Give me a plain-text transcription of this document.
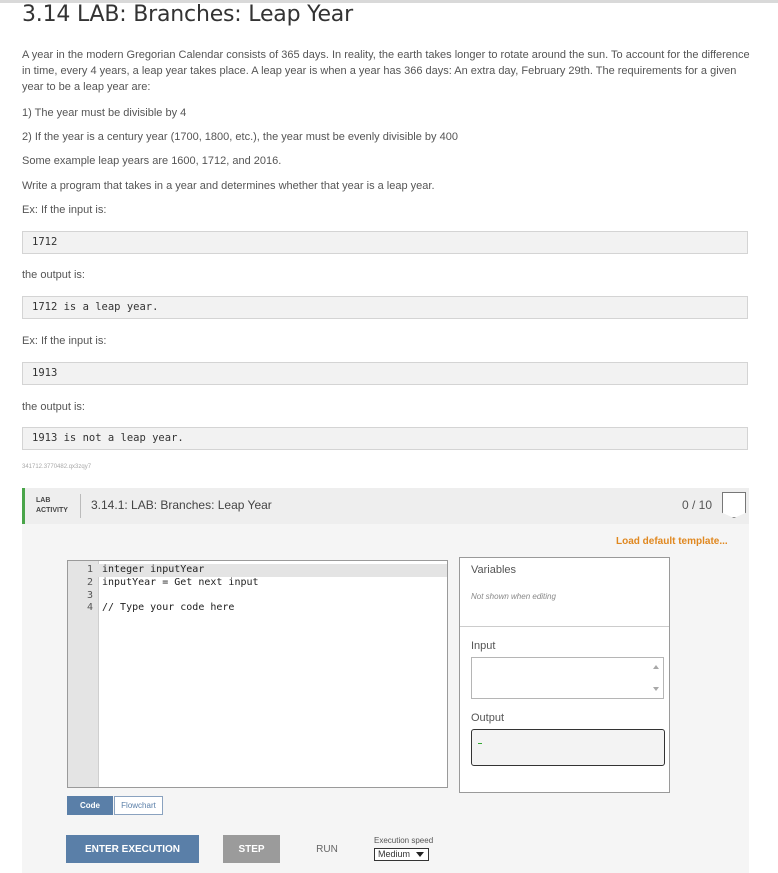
3.14 LAB: Branches: Leap Year

A year in the modern Gregorian Calendar consists of 365 days. In reality, the earth takes longer to rotate around the sun. To account for the difference in time, every 4 years, a leap year takes place. A leap year is when a year has 366 days: An extra day, February 29th. The requirements for a given year to be a leap year are:

1) The year must be divisible by 4

2) If the year is a century year (1700, 1800, etc.), the year must be evenly divisible by 400

Some example leap years are 1600, 1712, and 2016.

Write a program that takes in a year and determines whether that year is a leap year.

Ex: If the input is:

1712

the output is:

1712 is a leap year.

Ex: If the input is:

1913

the output is:

1913 is not a leap year.
341712.3770482.qx3zqy7
LAB
ACTIVITY 3.14.1: LAB: Branches: Leap Year	0 / 10
Load default template...

1

integer inputYear

2

inputYear = Get next input

3

4

// Type your code here

Variables
Not shown when editing
Input
Output
Code	Flowchart
ENTER EXECUTION	STEP	RUN
Execution speed
Medium
